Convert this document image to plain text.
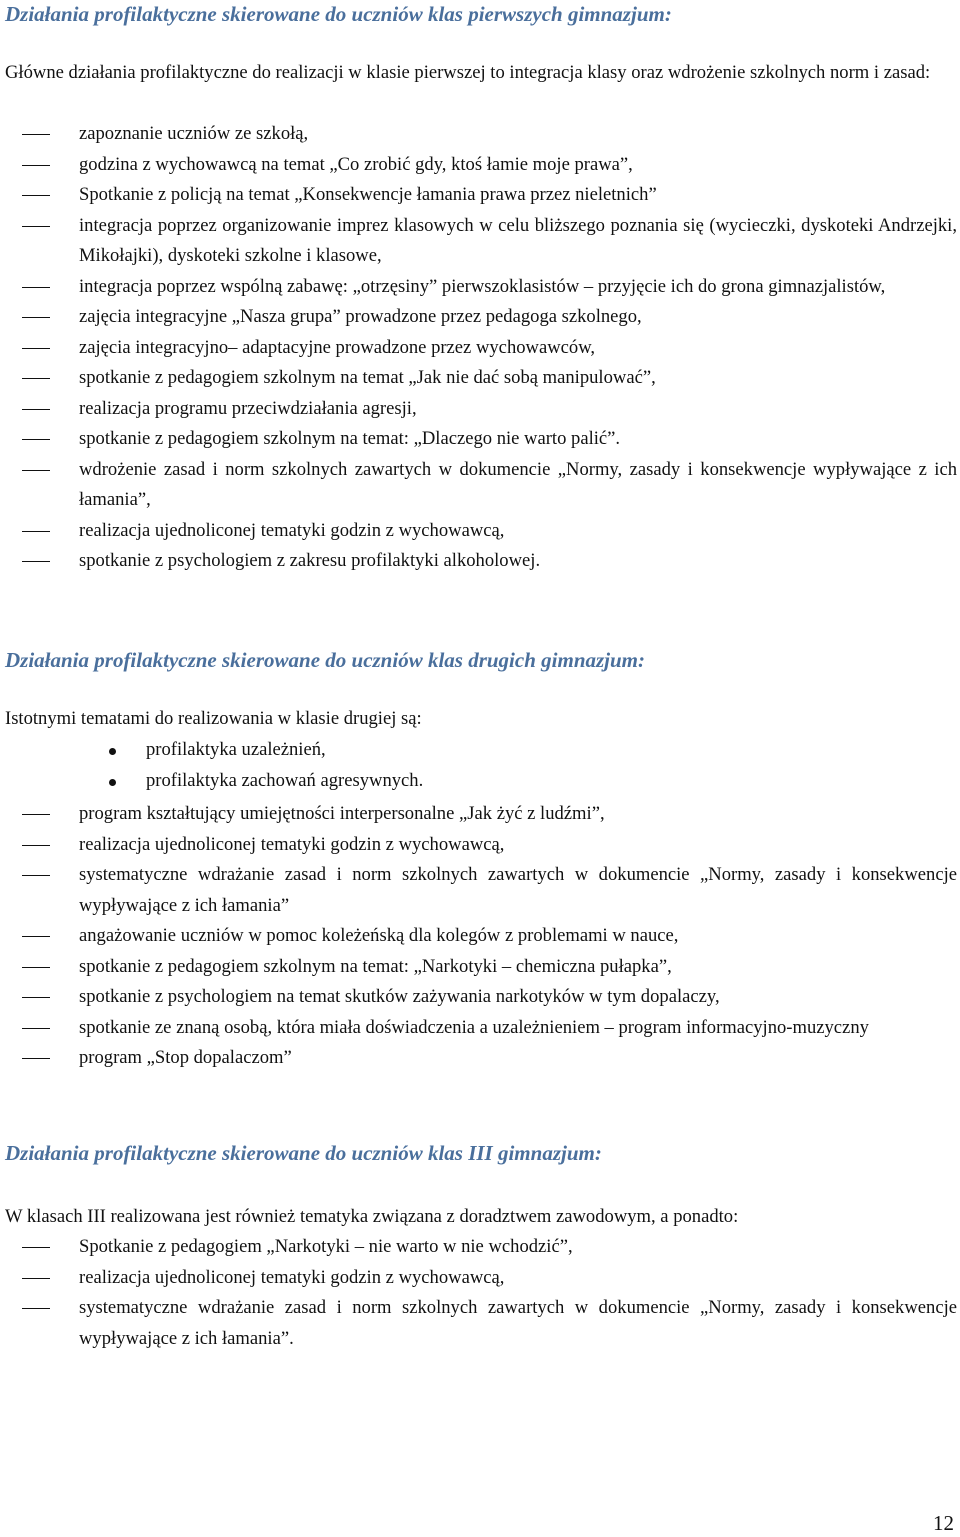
Działania profilaktyczne skierowane do uczniów klas pierwszych gimnazjum:

Główne działania profilaktyczne do realizacji w klasie pierwszej to integracja klasy oraz wdrożenie szkolnych norm i zasad:

zapoznanie uczniów ze szkołą,
godzina z wychowawcą na temat „Co zrobić gdy, ktoś łamie moje prawa”,
Spotkanie z policją na temat „Konsekwencje łamania prawa przez nieletnich”
integracja poprzez organizowanie imprez klasowych w celu bliższego poznania się (wycieczki, dyskoteki Andrzejki, Mikołajki), dyskoteki szkolne i klasowe,
integracja poprzez wspólną zabawę: „otrzęsiny” pierwszoklasistów – przyjęcie ich do grona gimnazjalistów,
zajęcia integracyjne „Nasza grupa” prowadzone przez pedagoga szkolnego,
zajęcia integracyjno– adaptacyjne prowadzone przez wychowawców,
spotkanie z pedagogiem szkolnym na temat „Jak nie dać sobą manipulować”,
realizacja programu przeciwdziałania agresji,
spotkanie z pedagogiem szkolnym na temat: „Dlaczego nie warto palić”.
wdrożenie zasad i norm szkolnych zawartych w dokumencie „Normy, zasady i konsekwencje wypływające z ich łamania”,
realizacja ujednoliconej tematyki godzin z wychowawcą,
spotkanie z psychologiem z zakresu profilaktyki alkoholowej.
Działania profilaktyczne skierowane do uczniów klas drugich gimnazjum:

Istotnymi tematami do realizowania w klasie drugiej są:

profilaktyka uzależnień,
profilaktyka zachowań agresywnych.
program kształtujący umiejętności interpersonalne „Jak żyć z ludźmi”,
realizacja ujednoliconej tematyki godzin z wychowawcą,
systematyczne wdrażanie zasad i norm szkolnych zawartych w dokumencie „Normy, zasady i konsekwencje wypływające z ich łamania”
angażowanie uczniów w pomoc koleżeńską dla kolegów z problemami w nauce,
spotkanie z pedagogiem szkolnym na temat: „Narkotyki – chemiczna pułapka”,
spotkanie z psychologiem na temat skutków zażywania narkotyków w tym dopalaczy,
spotkanie ze znaną osobą, która miała doświadczenia a uzależnieniem – program informacyjno-muzyczny
program „Stop dopalaczom”
Działania profilaktyczne skierowane do uczniów klas III gimnazjum:

W klasach III realizowana jest również tematyka związana z doradztwem zawodowym, a ponadto:

Spotkanie z pedagogiem „Narkotyki – nie warto w nie wchodzić”,
realizacja ujednoliconej tematyki godzin z wychowawcą,
systematyczne wdrażanie zasad i norm szkolnych zawartych w dokumencie „Normy, zasady i konsekwencje wypływające z ich łamania”.
12
